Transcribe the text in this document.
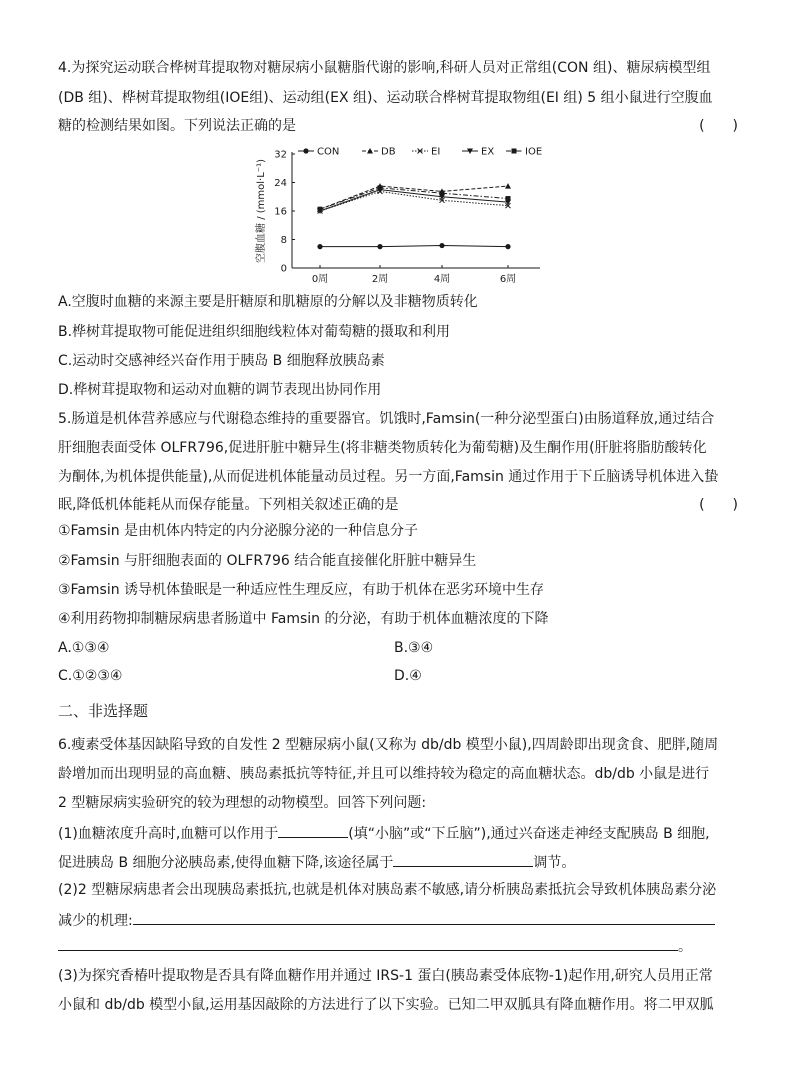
4.为探究运动联合桦树茸提取物对糖尿病小鼠糖脂代谢的影响,科研人员对正常组(CON 组)、糖尿病模型组
(DB 组)、桦树茸提取物组(IOE组)、运动组(EX 组)、运动联合桦树茸提取物组(EI 组) 5 组小鼠进行空腹血
糖的检测结果如图。下列说法正确的是	(　　)
CON	DB	EI	EX	IOE
0
8
16
24
32
0周	2周	4周	6周
空腹血糖 / (mmol·L⁻¹)
A.空腹时血糖的来源主要是肝糖原和肌糖原的分解以及非糖物质转化
B.桦树茸提取物可能促进组织细胞线粒体对葡萄糖的摄取和利用
C.运动时交感神经兴奋作用于胰岛 B 细胞释放胰岛素
D.桦树茸提取物和运动对血糖的调节表现出协同作用
5.肠道是机体营养感应与代谢稳态维持的重要器官。饥饿时,Famsin(一种分泌型蛋白)由肠道释放,通过结合
肝细胞表面受体 OLFR796,促进肝脏中糖异生(将非糖类物质转化为葡萄糖)及生酮作用(肝脏将脂肪酸转化
为酮体,为机体提供能量),从而促进机体能量动员过程。另一方面,Famsin 通过作用于下丘脑诱导机体进入蛰
眠,降低机体能耗从而保存能量。下列相关叙述正确的是	(　　)
①Famsin 是由机体内特定的内分泌腺分泌的一种信息分子
②Famsin 与肝细胞表面的 OLFR796 结合能直接催化肝脏中糖异生
③Famsin 诱导机体蛰眠是一种适应性生理反应，有助于机体在恶劣环境中生存
④利用药物抑制糖尿病患者肠道中 Famsin 的分泌，有助于机体血糖浓度的下降
A.①③④	B.③④
C.①②③④	D.④
二、非选择题
6.瘦素受体基因缺陷导致的自发性 2 型糖尿病小鼠(又称为 db/db 模型小鼠),四周龄即出现贪食、肥胖,随周
龄增加而出现明显的高血糖、胰岛素抵抗等特征,并且可以维持较为稳定的高血糖状态。db/db 小鼠是进行
2 型糖尿病实验研究的较为理想的动物模型。回答下列问题:
(1)血糖浓度升高时,血糖可以作用于	(填“小脑”或“下丘脑”),通过兴奋迷走神经支配胰岛 B 细胞,
促进胰岛 B 细胞分泌胰岛素,使得血糖下降,该途径属于	调节。
(2)2 型糖尿病患者会出现胰岛素抵抗,也就是机体对胰岛素不敏感,请分析胰岛素抵抗会导致机体胰岛素分泌
减少的机理:
。
(3)为探究香椿叶提取物是否具有降血糖作用并通过 IRS-1 蛋白(胰岛素受体底物-1)起作用,研究人员用正常
小鼠和 db/db 模型小鼠,运用基因敲除的方法进行了以下实验。已知二甲双胍具有降血糖作用。将二甲双胍
